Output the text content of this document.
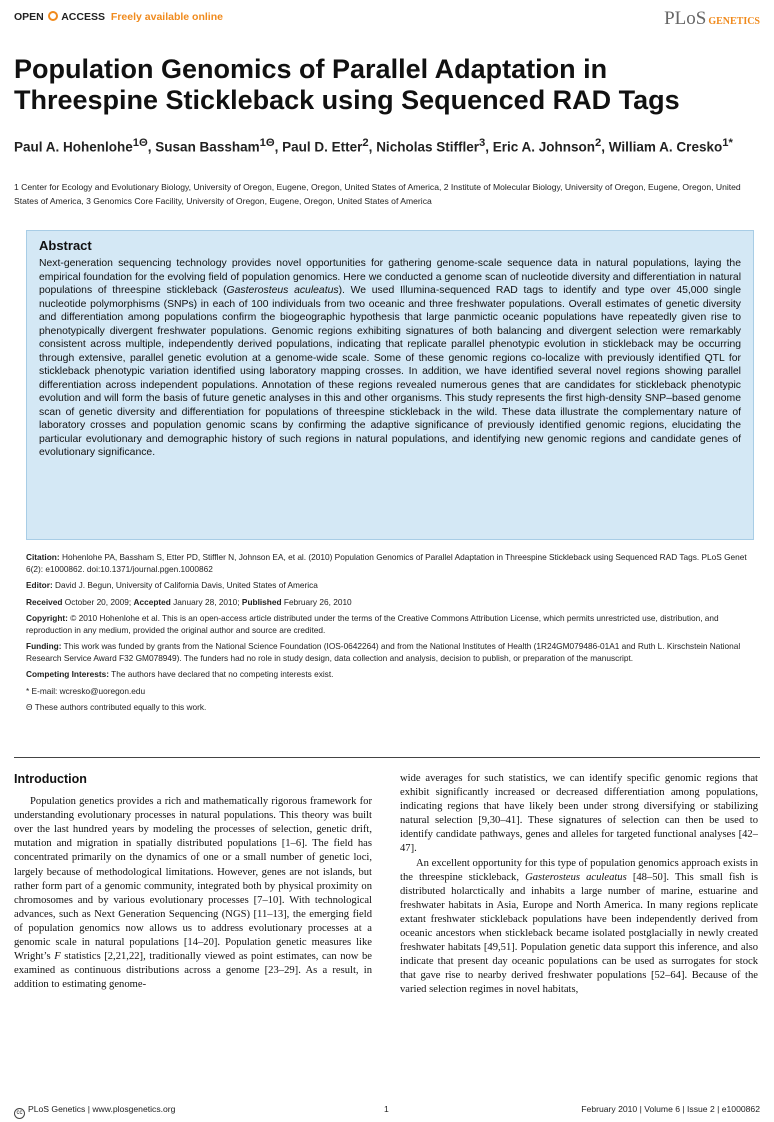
OPEN ACCESS Freely available online	PLoS GENETICS
Population Genomics of Parallel Adaptation in Threespine Stickleback using Sequenced RAD Tags
Paul A. Hohenlohe$^{1\Theta}$, Susan Bassham$^{1\Theta}$, Paul D. Etter$^2$, Nicholas Stiffler$^3$, Eric A. Johnson$^2$, William A. Cresko$^{1*}$
1 Center for Ecology and Evolutionary Biology, University of Oregon, Eugene, Oregon, United States of America, 2 Institute of Molecular Biology, University of Oregon, Eugene, Oregon, United States of America, 3 Genomics Core Facility, University of Oregon, Eugene, Oregon, United States of America
Abstract

Next-generation sequencing technology provides novel opportunities for gathering genome-scale sequence data in natural populations, laying the empirical foundation for the evolving field of population genomics. Here we conducted a genome scan of nucleotide diversity and differentiation in natural populations of threespine stickleback (Gasterosteus aculeatus). We used Illumina-sequenced RAD tags to identify and type over 45,000 single nucleotide polymorphisms (SNPs) in each of 100 individuals from two oceanic and three freshwater populations. Overall estimates of genetic diversity and differentiation among populations confirm the biogeographic hypothesis that large panmictic oceanic populations have repeatedly given rise to phenotypically divergent freshwater populations. Genomic regions exhibiting signatures of both balancing and divergent selection were remarkably consistent across multiple, independently derived populations, indicating that replicate parallel phenotypic evolution in stickleback may be occurring through extensive, parallel genetic evolution at a genome-wide scale. Some of these genomic regions co-localize with previously identified QTL for stickleback phenotypic variation identified using laboratory mapping crosses. In addition, we have identified several novel regions showing parallel differentiation across independent populations. Annotation of these regions revealed numerous genes that are candidates for stickleback phenotypic evolution and will form the basis of future genetic analyses in this and other organisms. This study represents the first high-density SNP–based genome scan of genetic diversity and differentiation for populations of threespine stickleback in the wild. These data illustrate the complementary nature of laboratory crosses and population genomic scans by confirming the adaptive significance of previously identified genomic regions, elucidating the particular evolutionary and demographic history of such regions in natural populations, and identifying new genomic regions and candidate genes of evolutionary significance.

Citation: Hohenlohe PA, Bassham S, Etter PD, Stiffler N, Johnson EA, et al. (2010) Population Genomics of Parallel Adaptation in Threespine Stickleback using Sequenced RAD Tags. PLoS Genet 6(2): e1000862. doi:10.1371/journal.pgen.1000862
Editor: David J. Begun, University of California Davis, United States of America
Received October 20, 2009; Accepted January 28, 2010; Published February 26, 2010
Copyright: © 2010 Hohenlohe et al. This is an open-access article distributed under the terms of the Creative Commons Attribution License, which permits unrestricted use, distribution, and reproduction in any medium, provided the original author and source are credited.
Funding: This work was funded by grants from the National Science Foundation (IOS-0642264) and from the National Institutes of Health (1R24GM079486-01A1 and Ruth L. Kirschstein National Research Service Award F32 GM078949). The funders had no role in study design, data collection and analysis, decision to publish, or preparation of the manuscript.
Competing Interests: The authors have declared that no competing interests exist.
* E-mail: wcresko@uoregon.edu
Θ These authors contributed equally to this work.
Introduction

Population genetics provides a rich and mathematically rigorous framework for understanding evolutionary processes in natural populations. This theory was built over the last hundred years by modeling the processes of selection, genetic drift, mutation and migration in spatially distributed populations [1–6]. The field has concentrated primarily on the dynamics of one or a small number of genetic loci, largely because of methodological limitations. However, genes are not islands, but rather form part of a genomic community, integrated both by physical proximity on chromosomes and by various evolutionary processes [7–10]. With technological advances, such as Next Generation Sequencing (NGS) [11–13], the emerging field of population genomics now allows us to address evolutionary processes at a genomic scale in natural populations [14–20]. Population genetic measures like Wright’s F statistics [2,21,22], traditionally viewed as point estimates, can now be examined as continuous distributions across a genome [23–29]. As a result, in addition to estimating genome-

wide averages for such statistics, we can identify specific genomic regions that exhibit significantly increased or decreased differentiation among populations, indicating regions that have likely been under strong diversifying or stabilizing natural selection [9,30–41]. These signatures of selection can then be used to identify candidate pathways, genes and alleles for targeted functional analyses [42–47].

An excellent opportunity for this type of population genomics approach exists in the threespine stickleback, Gasterosteus aculeatus [48–50]. This small fish is distributed holarctically and inhabits a large number of marine, estuarine and freshwater habitats in Asia, Europe and North America. In many regions replicate extant freshwater stickleback populations have been independently derived from oceanic ancestors when stickleback became isolated postglacially in newly created freshwater habitats [49,51]. Population genetic data support this inference, and also indicate that present day oceanic populations can be used as surrogates for stock that gave rise to nearby derived freshwater populations [52–64]. Because of the varied selection regimes in novel habitats,

cc PLoS Genetics | www.plosgenetics.org	1	February 2010 | Volume 6 | Issue 2 | e1000862
